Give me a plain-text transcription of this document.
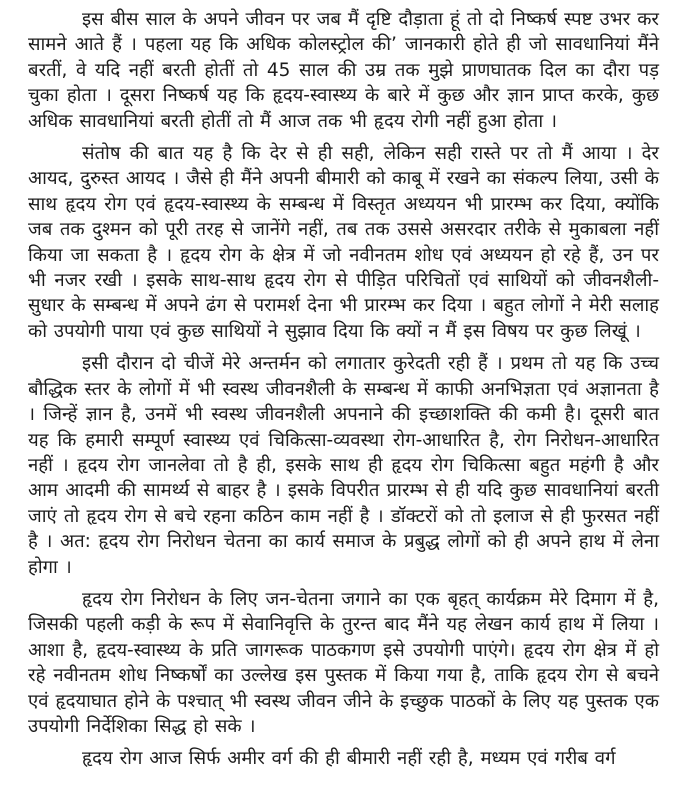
इस बीस साल के अपने जीवन पर जब मैं दृष्टि दौड़ाता हूं तो दो निष्कर्ष स्पष्ट उभर कर सामने आते हैं । पहला यह कि अधिक कोलस्ट्रोल की’ जानकारी होते ही जो सावधानियां मैंने बरतीं, वे यदि नहीं बरती होतीं तो 45 साल की उम्र तक मुझे प्राणघातक दिल का दौरा पड़ चुका होता । दूसरा निष्कर्ष यह कि हृदय-स्वास्थ्य के बारे में कुछ और ज्ञान प्राप्त करके, कुछ अधिक सावधानियां बरती होतीं तो मैं आज तक भी हृदय रोगी नहीं हुआ होता ।

संतोष की बात यह है कि देर से ही सही, लेकिन सही रास्ते पर तो मैं आया । देर आयद, दुरुस्त आयद । जैसे ही मैंने अपनी बीमारी को काबू में रखने का संकल्प लिया, उसी के साथ हृदय रोग एवं हृदय-स्वास्थ्य के सम्बन्ध में विस्तृत अध्ययन भी प्रारम्भ कर दिया, क्योंकि जब तक दुश्मन को पूरी तरह से जानेंगे नहीं, तब तक उससे असरदार तरीके से मुकाबला नहीं किया जा सकता है । हृदय रोग के क्षेत्र में जो नवीनतम शोध एवं अध्ययन हो रहे हैं, उन पर भी नजर रखी । इसके साथ-साथ हृदय रोग से पीड़ित परिचितों एवं साथियों को जीवनशैली-सुधार के सम्बन्ध में अपने ढंग से परामर्श देना भी प्रारम्भ कर दिया । बहुत लोगों ने मेरी सलाह को उपयोगी पाया एवं कुछ साथियों ने सुझाव दिया कि क्यों न मैं इस विषय पर कुछ लिखूं ।

इसी दौरान दो चीजें मेरे अन्तर्मन को लगातार कुरेदती रही हैं । प्रथम तो यह कि उच्च बौद्धिक स्तर के लोगों में भी स्वस्थ जीवनशैली के सम्बन्ध में काफी अनभिज्ञता एवं अज्ञानता है । जिन्हें ज्ञान है, उनमें भी स्वस्थ जीवनशैली अपनाने की इच्छाशक्ति की कमी है। दूसरी बात यह कि हमारी सम्पूर्ण स्वास्थ्य एवं चिकित्सा-व्यवस्था रोग-आधारित है, रोग निरोधन-आधारित नहीं । हृदय रोग जानलेवा तो है ही, इसके साथ ही हृदय रोग चिकित्सा बहुत महंगी है और आम आदमी की सामर्थ्य से बाहर है । इसके विपरीत प्रारम्भ से ही यदि कुछ सावधानियां बरती जाएं तो हृदय रोग से बचे रहना कठिन काम नहीं है । डॉक्टरों को तो इलाज से ही फुरसत नहीं है । अत: हृदय रोग निरोधन चेतना का कार्य समाज के प्रबुद्ध लोगों को ही अपने हाथ में लेना होगा ।

हृदय रोग निरोधन के लिए जन-चेतना जगाने का एक बृहत् कार्यक्रम मेरे दिमाग में है, जिसकी पहली कड़ी के रूप में सेवानिवृत्ति के तुरन्त बाद मैंने यह लेखन कार्य हाथ में लिया । आशा है, हृदय-स्वास्थ्य के प्रति जागरूक पाठकगण इसे उपयोगी पाएंगे। हृदय रोग क्षेत्र में हो रहे नवीनतम शोध निष्कर्षों का उल्लेख इस पुस्तक में किया गया है, ताकि हृदय रोग से बचने एवं हृदयाघात होने के पश्चात् भी स्वस्थ जीवन जीने के इच्छुक पाठकों के लिए यह पुस्तक एक उपयोगी निर्देशिका सिद्ध हो सके ।

हृदय रोग आज सिर्फ अमीर वर्ग की ही बीमारी नहीं रही है, मध्यम एवं गरीब वर्ग
